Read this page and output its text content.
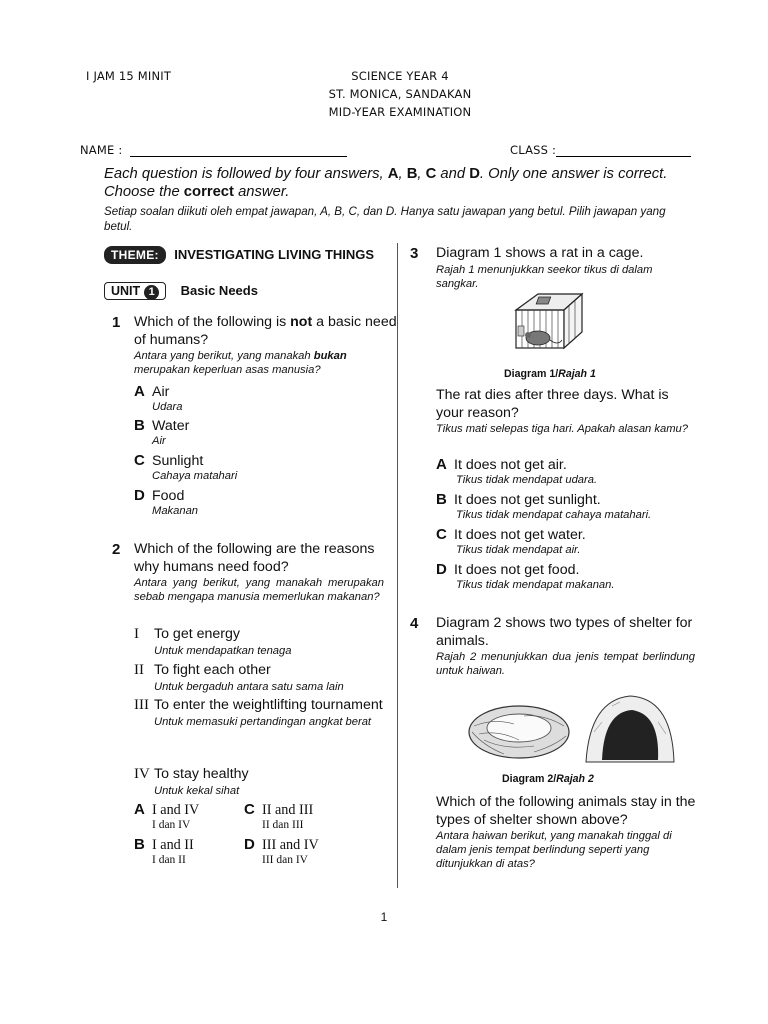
I JAM 15 MINIT	SCIENCE YEAR 4
ST. MONICA, SANDAKAN
MID-YEAR EXAMINATION
NAME :	CLASS :
Each question is followed by four answers, A, B, C and D. Only one answer is correct.
Choose the correct answer.
Setiap soalan diikuti oleh empat jawapan, A, B, C, dan D. Hanya satu jawapan yang betul. Pilih jawapan yang betul.
THEME: INVESTIGATING LIVING THINGS
UNIT 1 Basic Needs
1 Which of the following is not a basic need of humans?
Antara yang berikut, yang manakah bukan merupakan keperluan asas manusia?
A Air
Udara
B Water
Air
C Sunlight
Cahaya matahari
D Food
Makanan
2 Which of the following are the reasons why humans need food?
Antara yang berikut, yang manakah merupakan sebab mengapa manusia memerlukan makanan?
I To get energy
Untuk mendapatkan tenaga
II To fight each other
Untuk bergaduh antara satu sama lain
III To enter the weightlifting tournament
Untuk memasuki pertandingan angkat berat
IV To stay healthy
Untuk kekal sihat
A I and IV
I dan IV
C II and III
II dan III
B I and II
I dan II
D III and IV
III dan IV
3 Diagram 1 shows a rat in a cage.
Rajah 1 menunjukkan seekor tikus di dalam sangkar.
Diagram 1/Rajah 1
The rat dies after three days. What is your reason?
Tikus mati selepas tiga hari. Apakah alasan kamu?
A It does not get air.
Tikus tidak mendapat udara.
B It does not get sunlight.
Tikus tidak mendapat cahaya matahari.
C It does not get water.
Tikus tidak mendapat air.
D It does not get food.
Tikus tidak mendapat makanan.
4 Diagram 2 shows two types of shelter for animals.
Rajah 2 menunjukkan dua jenis tempat berlindung untuk haiwan.
Diagram 2/Rajah 2
Which of the following animals stay in the types of shelter shown above?
Antara haiwan berikut, yang manakah tinggal di dalam jenis tempat berlindung seperti yang ditunjukkan di atas?
1
